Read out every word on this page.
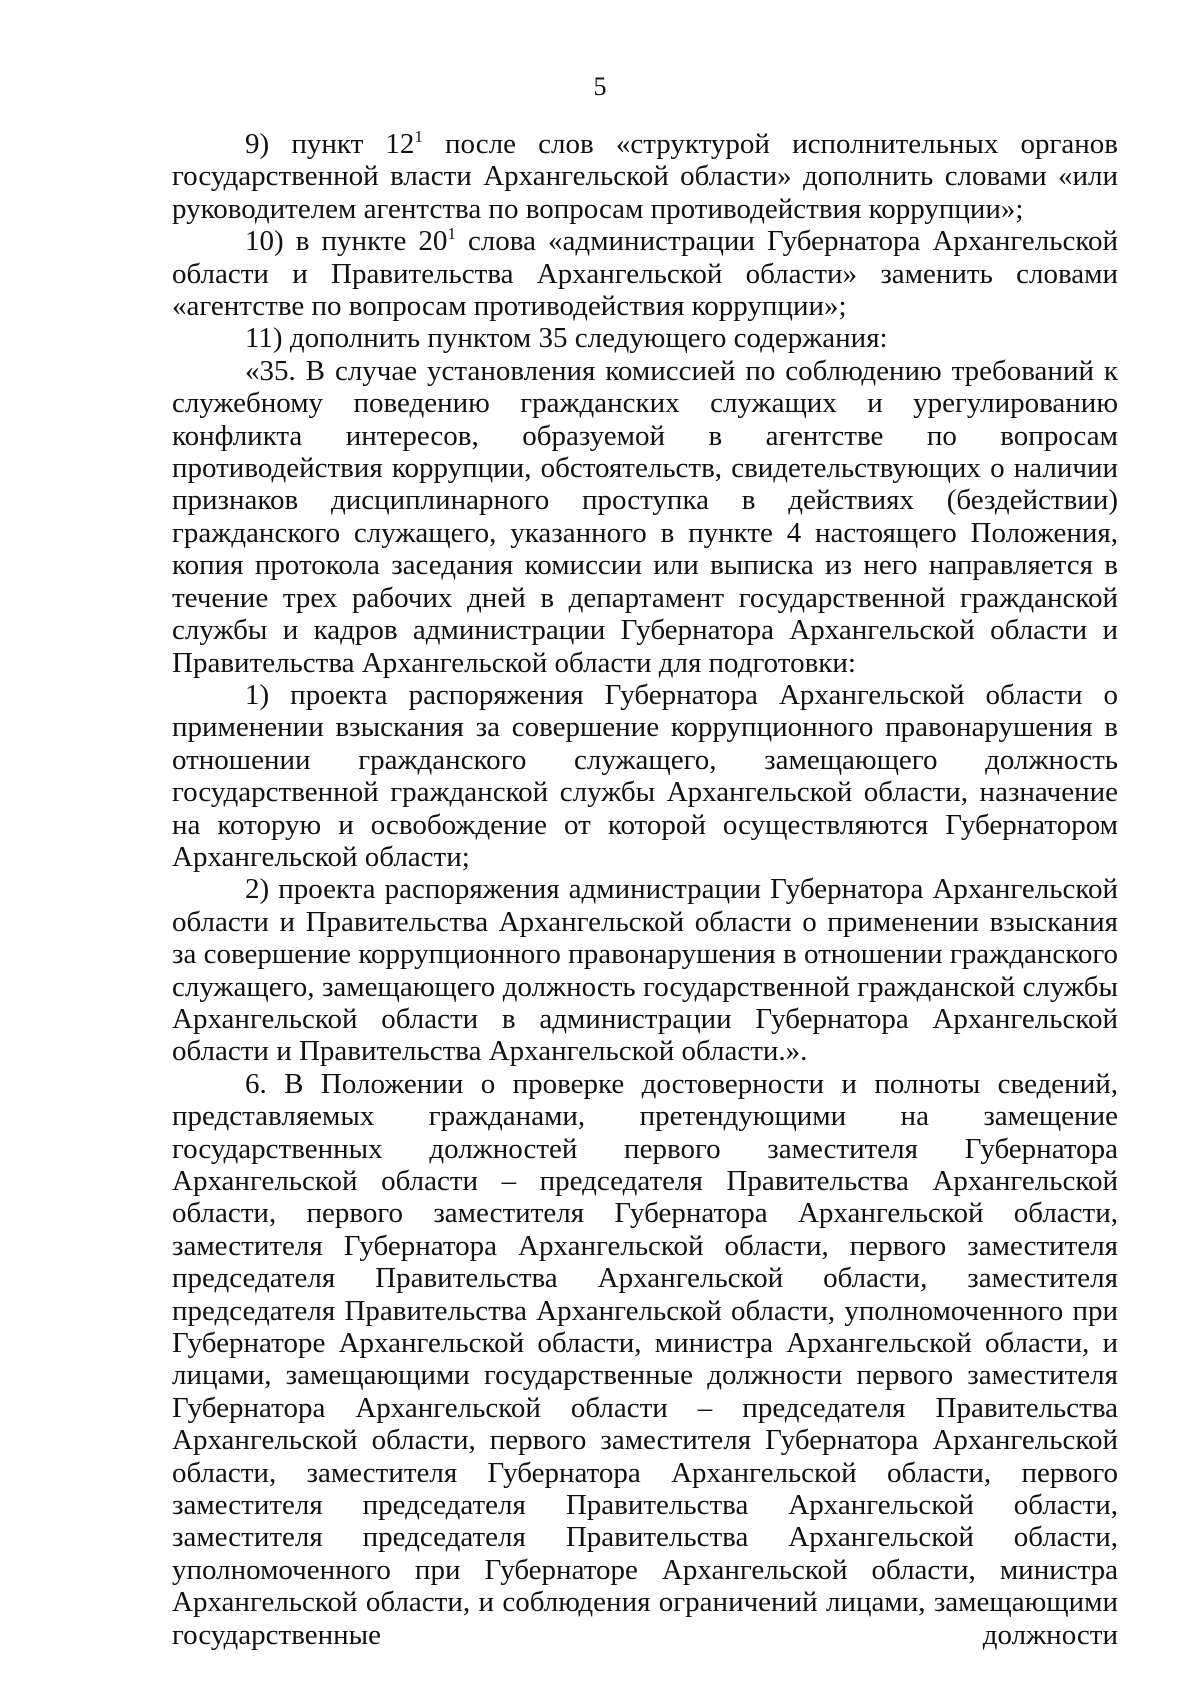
5

9) пункт $12^1$ после слов «структурой исполнительных органов государственной власти Архангельской области» дополнить словами «или руководителем агентства по вопросам противодействия коррупции»;

10) в пункте $20^1$ слова «администрации Губернатора Архангельской области и Правительства Архангельской области» заменить словами «агентстве по вопросам противодействия коррупции»;

11) дополнить пунктом 35 следующего содержания:

«35. В случае установления комиссией по соблюдению требований к служебному поведению гражданских служащих и урегулированию конфликта интересов, образуемой в агентстве по вопросам противодействия коррупции, обстоятельств, свидетельствующих о наличии признаков дисциплинарного проступка в действиях (бездействии) гражданского служащего, указанного в пункте 4 настоящего Положения, копия протокола заседания комиссии или выписка из него направляется в течение трех рабочих дней в департамент государственной гражданской службы и кадров администрации Губернатора Архангельской области и Правительства Архангельской области для подготовки:

1) проекта распоряжения Губернатора Архангельской области о применении взыскания за совершение коррупционного правонарушения в отношении гражданского служащего, замещающего должность государственной гражданской службы Архангельской области, назначение на которую и освобождение от которой осуществляются Губернатором Архангельской области;

2) проекта распоряжения администрации Губернатора Архангельской области и Правительства Архангельской области о применении взыскания за совершение коррупционного правонарушения в отношении гражданского служащего, замещающего должность государственной гражданской службы Архангельской области в администрации Губернатора Архангельской области и Правительства Архангельской области.».

6. В Положении о проверке достоверности и полноты сведений, представляемых гражданами, претендующими на замещение государственных должностей первого заместителя Губернатора Архангельской области – председателя Правительства Архангельской области, первого заместителя Губернатора Архангельской области, заместителя Губернатора Архангельской области, первого заместителя председателя Правительства Архангельской области, заместителя председателя Правительства Архангельской области, уполномоченного при Губернаторе Архангельской области, министра Архангельской области, и лицами, замещающими государственные должности первого заместителя Губернатора Архангельской области – председателя Правительства Архангельской области, первого заместителя Губернатора Архангельской области, заместителя Губернатора Архангельской области, первого заместителя председателя Правительства Архангельской области, заместителя председателя Правительства Архангельской области, уполномоченного при Губернаторе Архангельской области, министра Архангельской области, и соблюдения ограничений лицами, замещающими государственные должности
